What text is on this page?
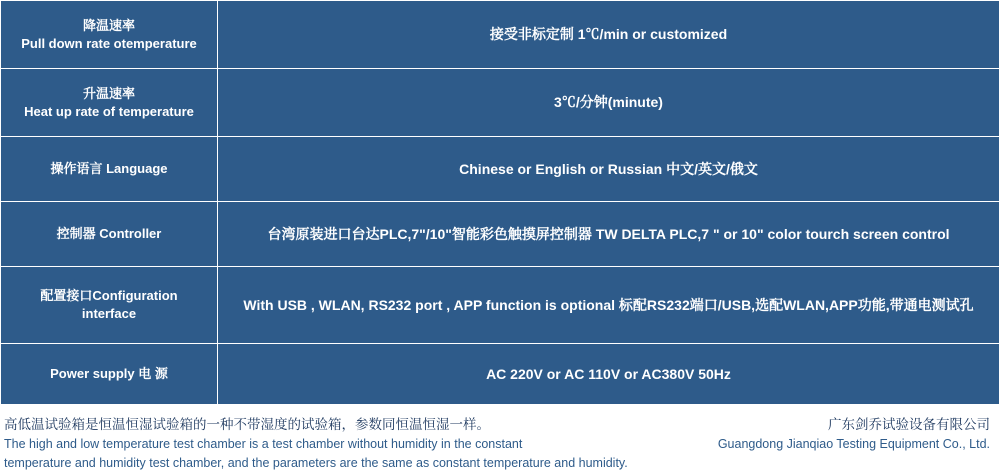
降温速率
Pull down rate otemperature	接受非标定制 1℃/min or customized

升温速率
Heat up rate of temperature	3℃/分钟(minute)

操作语言 Language	Chinese or English or Russian 中文/英文/俄文

控制器 Controller	台湾原装进口台达PLC,7"/10"智能彩色触摸屏控制器 TW DELTA PLC,7 " or 10" color tourch screen control

配置接口Configuration
interface	With USB , WLAN, RS232 port , APP function is optional 标配RS232端口/USB,选配WLAN,APP功能,带通电测试孔

Power supply 电 源	AC 220V or AC 110V or AC380V 50Hz
高低温试验箱是恒温恒湿试验箱的一种不带湿度的试验箱，参数同恒温恒湿一样。
The high and low temperature test chamber is a test chamber without humidity in the constant
temperature and humidity test chamber, and the parameters are the same as constant temperature and humidity.
广东剑乔试验设备有限公司
Guangdong Jianqiao Testing Equipment Co., Ltd.
